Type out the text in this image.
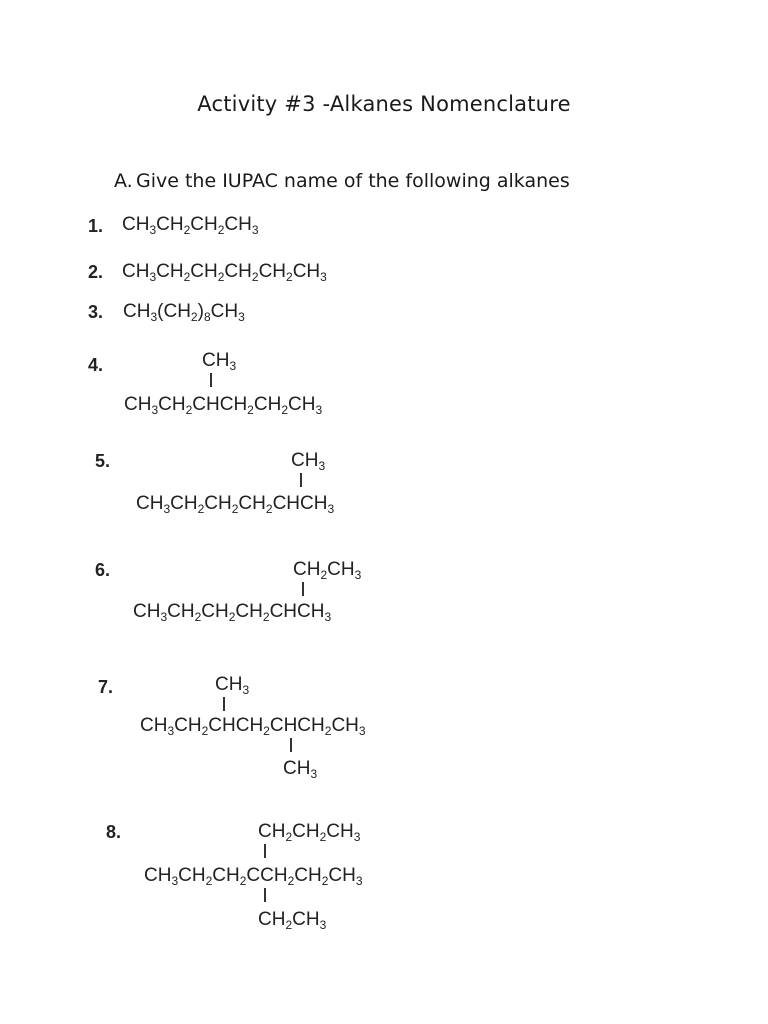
Activity #3 -Alkanes Nomenclature
A. Give the IUPAC name of the following alkanes
1. $CH_3CH_2CH_2CH_3$
2. $CH_3CH_2CH_2CH_2CH_2CH_3$
3. $CH_3(CH_2)_8CH_3$
4.	$CH_3$
$CH_3CH_2CHCH_2CH_2CH_3$
5.	$CH_3$
$CH_3CH_2CH_2CH_2CHCH_3$
6.	$CH_2CH_3$
$CH_3CH_2CH_2CH_2CHCH_3$
7.	$CH_3$
$CH_3CH_2CHCH_2CHCH_2CH_3$
$CH_3$
8.	$CH_2CH_2CH_3$
$CH_3CH_2CH_2CCH_2CH_2CH_3$
$CH_2CH_3$
